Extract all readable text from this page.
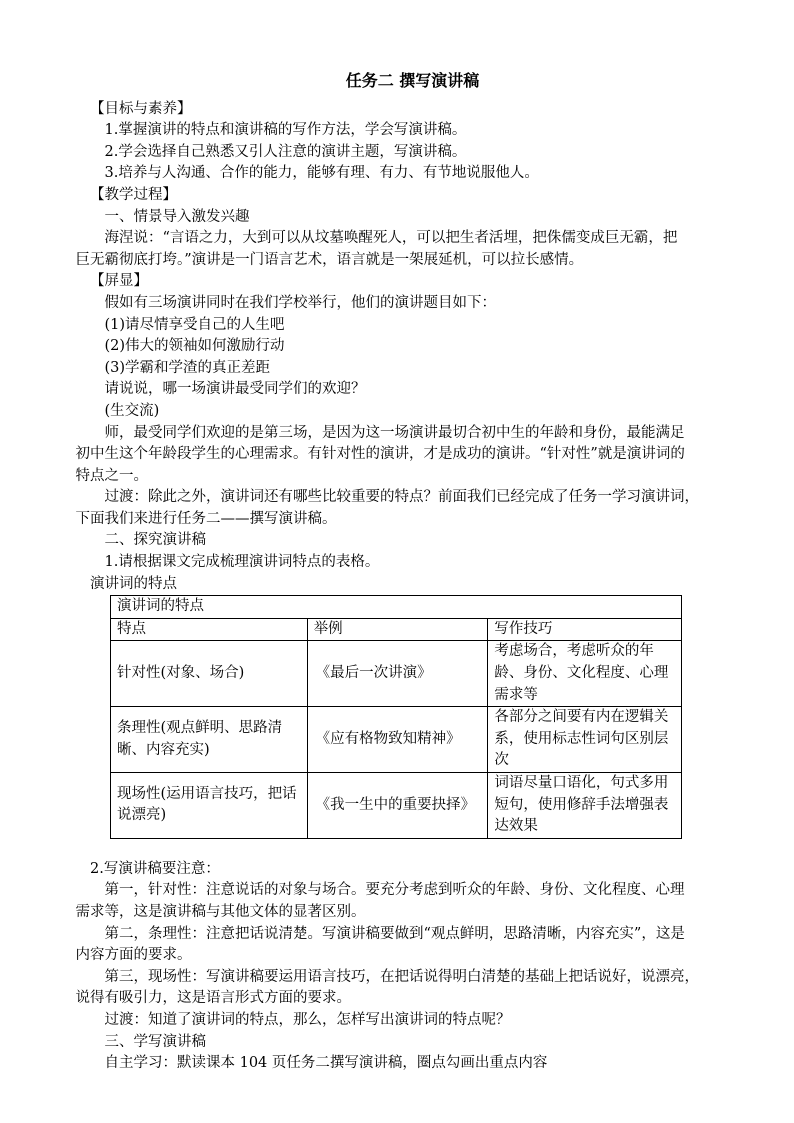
任务二 撰写演讲稿

【目标与素养】

1.掌握演讲的特点和演讲稿的写作方法，学会写演讲稿。

2.学会选择自己熟悉又引人注意的演讲主题，写演讲稿。

3.培养与人沟通、合作的能力，能够有理、有力、有节地说服他人。

【教学过程】

一、情景导入激发兴趣

海涅说：“言语之力，大到可以从坟墓唤醒死人，可以把生者活埋，把侏儒变成巨无霸，把

巨无霸彻底打垮。”演讲是一门语言艺术，语言就是一架展延机，可以拉长感情。

【屏显】

假如有三场演讲同时在我们学校举行，他们的演讲题目如下：

(1)请尽情享受自己的人生吧

(2)伟大的领袖如何激励行动

(3)学霸和学渣的真正差距

请说说，哪一场演讲最受同学们的欢迎？

(生交流)

师，最受同学们欢迎的是第三场，是因为这一场演讲最切合初中生的年龄和身份，最能满足

初中生这个年龄段学生的心理需求。有针对性的演讲，才是成功的演讲。“针对性”就是演讲词的

特点之一。

过渡：除此之外，演讲词还有哪些比较重要的特点？前面我们已经完成了任务一学习演讲词，

下面我们来进行任务二——撰写演讲稿。

二、探究演讲稿

1.请根据课文完成梳理演讲词特点的表格。

演讲词的特点

演讲词的特点		
特点	举例	写作技巧
针对性(对象、场合)	《最后一次讲演》	考虑场合，考虑听众的年龄、身份、文化程度、心理需求等
条理性(观点鲜明、思路清晰、内容充实)	《应有格物致知精神》	各部分之间要有内在逻辑关系，使用标志性词句区别层次
现场性(运用语言技巧，把话说漂亮)	《我一生中的重要抉择》	词语尽量口语化，句式多用短句，使用修辞手法增强表达效果

2.写演讲稿要注意：

第一，针对性：注意说话的对象与场合。要充分考虑到听众的年龄、身份、文化程度、心理

需求等，这是演讲稿与其他文体的显著区别。

第二，条理性：注意把话说清楚。写演讲稿要做到“观点鲜明，思路清晰，内容充实”，这是

内容方面的要求。

第三，现场性：写演讲稿要运用语言技巧，在把话说得明白清楚的基础上把话说好，说漂亮，

说得有吸引力，这是语言形式方面的要求。

过渡：知道了演讲词的特点，那么，怎样写出演讲词的特点呢？

三、学写演讲稿

自主学习：默读课本 104 页任务二撰写演讲稿，圈点勾画出重点内容
